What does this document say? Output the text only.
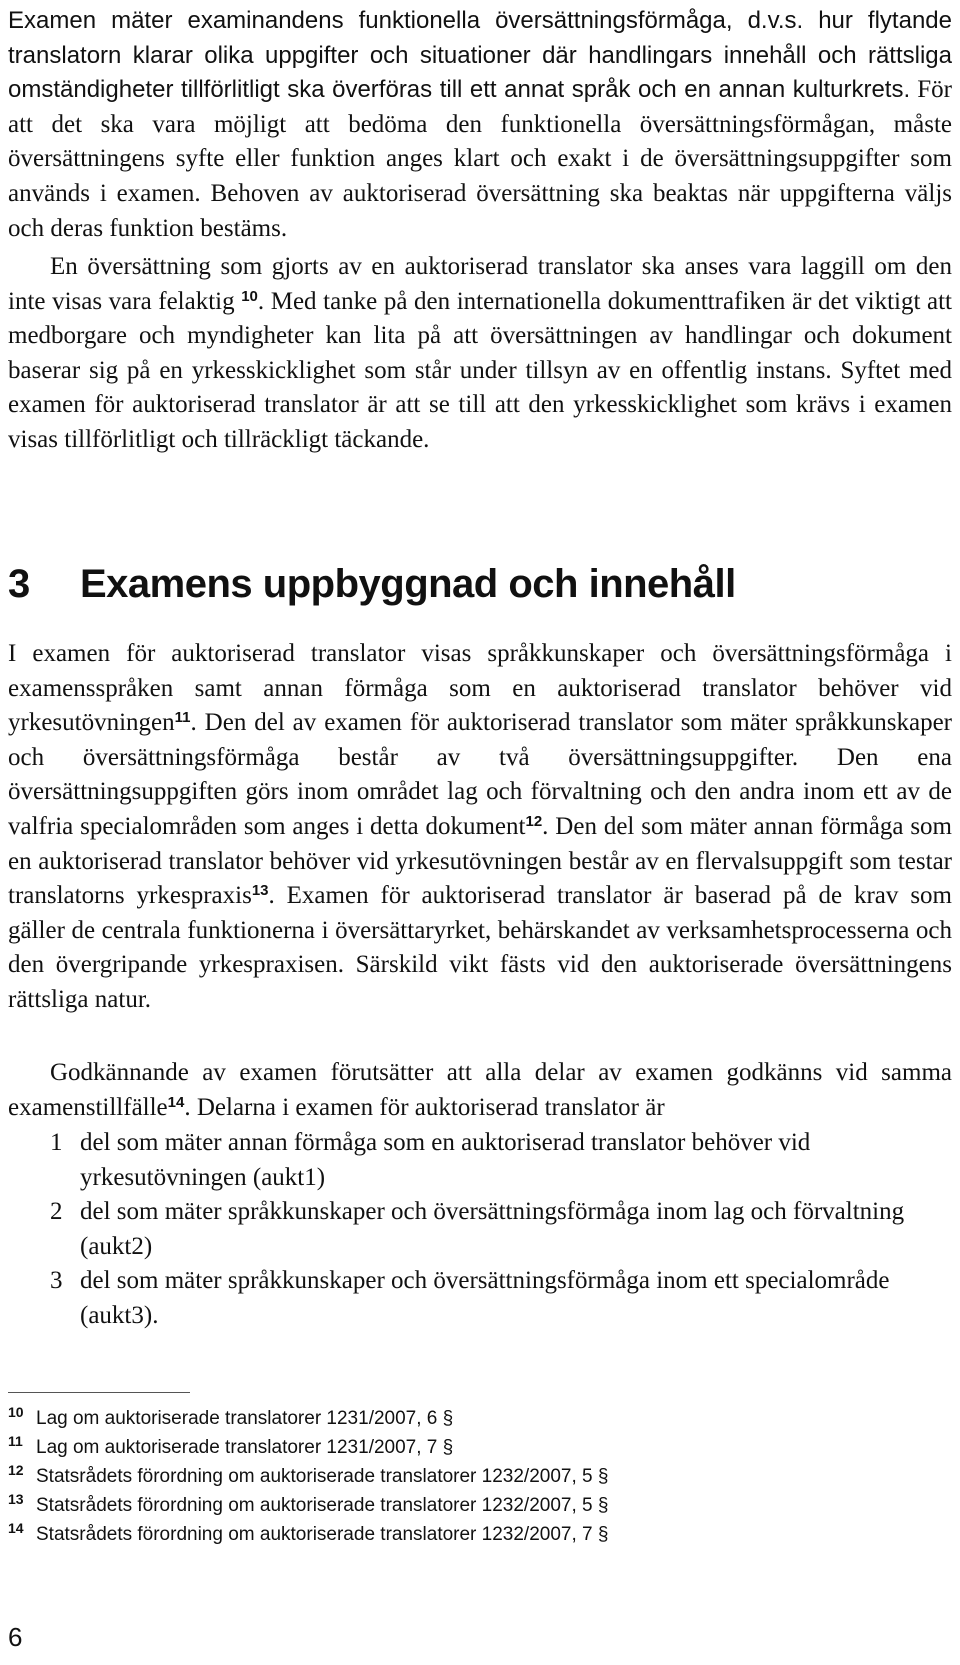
Examen mäter examinandens funktionella översättningsförmåga, d.v.s. hur flytande translatorn klarar olika uppgifter och situationer där handlingars innehåll och rättsliga omständigheter tillförlitligt ska överföras till ett annat språk och en annan kulturkrets. För att det ska vara möjligt att bedöma den funktionella översättningsförmågan, måste översättningens syfte eller funktion anges klart och exakt i de översättningsuppgifter som används i examen. Behoven av auktoriserad översättning ska beaktas när uppgifterna väljs och deras funktion bestäms.

En översättning som gjorts av en auktoriserad translator ska anses vara laggill om den inte visas vara felaktig $^{10}$. Med tanke på den internationella dokumenttrafiken är det viktigt att medborgare och myndigheter kan lita på att översättningen av handlingar och dokument baserar sig på en yrkesskicklighet som står under tillsyn av en offentlig instans. Syftet med examen för auktoriserad translator är att se till att den yrkesskicklighet som krävs i examen visas tillförlitligt och tillräckligt täckande.

3 Examens uppbyggnad och innehåll

I examen för auktoriserad translator visas språkkunskaper och översättningsförmåga i examensspråken samt annan förmåga som en auktoriserad translator behöver vid yrkesutövningen$^{11}$. Den del av examen för auktoriserad translator som mäter språkkunskaper och översättningsförmåga består av två översättningsuppgifter. Den ena översättningsuppgiften görs inom området lag och förvaltning och den andra inom ett av de valfria specialområden som anges i detta dokument$^{12}$. Den del som mäter annan förmåga som en auktoriserad translator behöver vid yrkesutövningen består av en flervalsuppgift som testar translatorns yrkespraxis$^{13}$. Examen för auktoriserad translator är baserad på de krav som gäller de centrala funktionerna i översättaryrket, behärskandet av verksamhetsprocesserna och den övergripande yrkespraxisen. Särskild vikt fästs vid den auktoriserade översättningens rättsliga natur.

Godkännande av examen förutsätter att alla delar av examen godkänns vid samma examenstillfälle$^{14}$. Delarna i examen för auktoriserad translator är

1 del som mäter annan förmåga som en auktoriserad translator behöver vid yrkesutövningen (aukt1)
2 del som mäter språkkunskaper och översättningsförmåga inom lag och förvaltning (aukt2)
3 del som mäter språkkunskaper och översättningsförmåga inom ett specialområde (aukt3).
10 Lag om auktoriserade translatorer 1231/2007, 6 §
11 Lag om auktoriserade translatorer 1231/2007, 7 §
12 Statsrådets förordning om auktoriserade translatorer 1232/2007, 5 §
13 Statsrådets förordning om auktoriserade translatorer 1232/2007, 5 §
14 Statsrådets förordning om auktoriserade translatorer 1232/2007, 7 §

6
